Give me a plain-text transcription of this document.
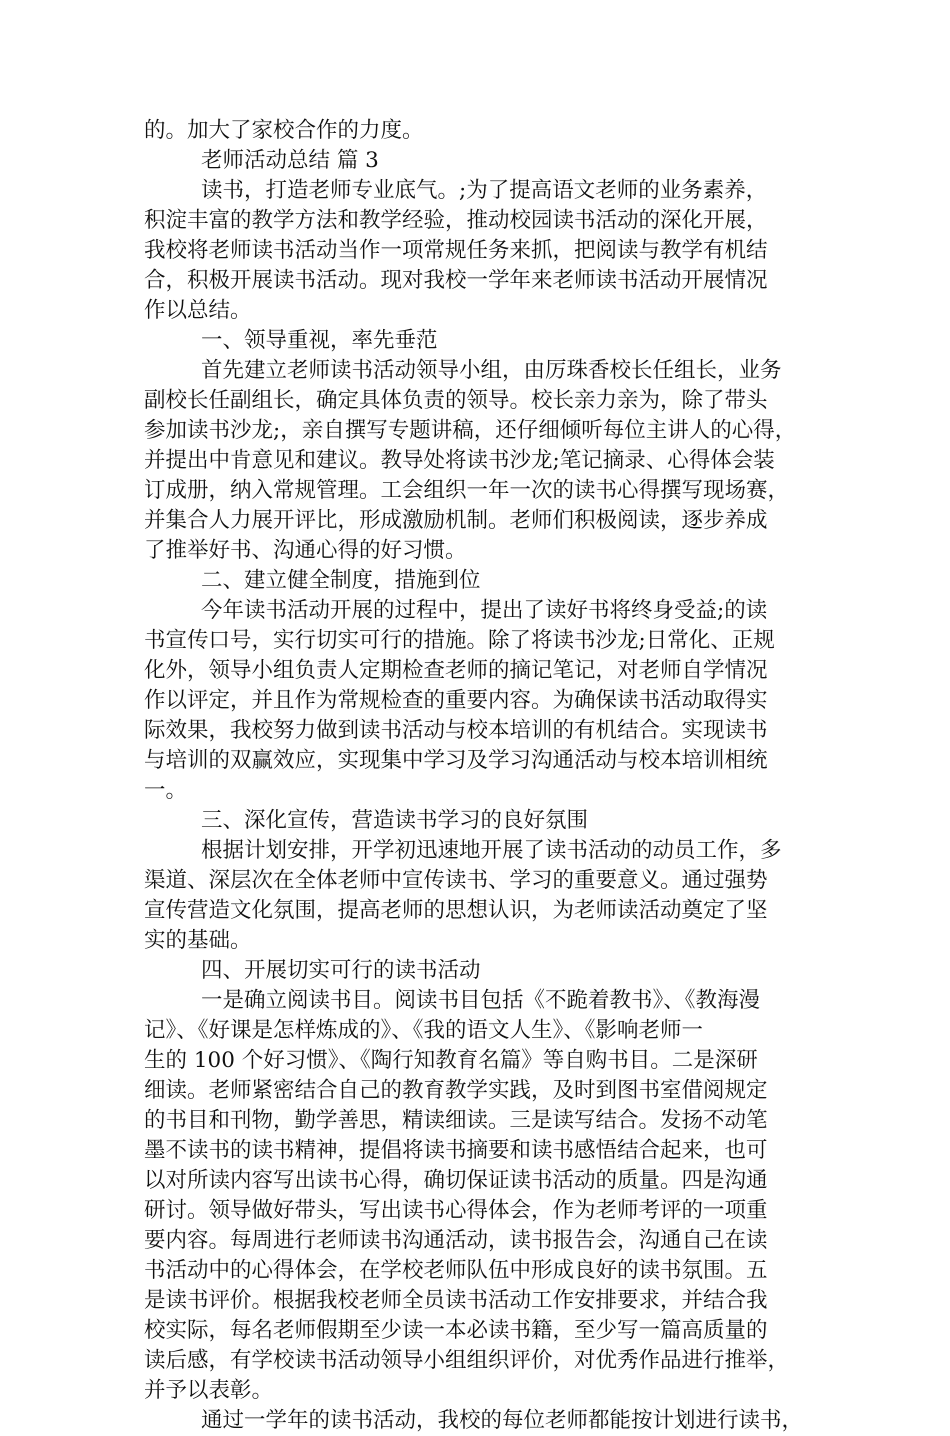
的。加大了家校合作的力度。
老师活动总结 篇 3
读书，打造老师专业底气。;为了提高语文老师的业务素养，
积淀丰富的教学方法和教学经验，推动校园读书活动的深化开展，
我校将老师读书活动当作一项常规任务来抓，把阅读与教学有机结
合，积极开展读书活动。现对我校一学年来老师读书活动开展情况
作以总结。
一、领导重视，率先垂范
首先建立老师读书活动领导小组，由厉珠香校长任组长，业务
副校长任副组长，确定具体负责的领导。校长亲力亲为，除了带头
参加读书沙龙;，亲自撰写专题讲稿，还仔细倾听每位主讲人的心得，
并提出中肯意见和建议。教导处将读书沙龙;笔记摘录、心得体会装
订成册，纳入常规管理。工会组织一年一次的读书心得撰写现场赛，
并集合人力展开评比，形成激励机制。老师们积极阅读，逐步养成
了推举好书、沟通心得的好习惯。
二、建立健全制度，措施到位
今年读书活动开展的过程中，提出了读好书将终身受益;的读
书宣传口号，实行切实可行的措施。除了将读书沙龙;日常化、正规
化外，领导小组负责人定期检查老师的摘记笔记，对老师自学情况
作以评定，并且作为常规检查的重要内容。为确保读书活动取得实
际效果，我校努力做到读书活动与校本培训的有机结合。实现读书
与培训的双赢效应，实现集中学习及学习沟通活动与校本培训相统
一。
三、深化宣传，营造读书学习的良好氛围
根据计划安排，开学初迅速地开展了读书活动的动员工作，多
渠道、深层次在全体老师中宣传读书、学习的重要意义。通过强势
宣传营造文化氛围，提高老师的思想认识，为老师读活动奠定了坚
实的基础。
四、开展切实可行的读书活动
一是确立阅读书目。阅读书目包括《不跪着教书》、《教海漫
记》、《好课是怎样炼成的》、《我的语文人生》、《影响老师一
生的 100 个好习惯》、《陶行知教育名篇》等自购书目。二是深研
细读。老师紧密结合自己的教育教学实践，及时到图书室借阅规定
的书目和刊物，勤学善思，精读细读。三是读写结合。发扬不动笔
墨不读书的读书精神，提倡将读书摘要和读书感悟结合起来，也可
以对所读内容写出读书心得，确切保证读书活动的质量。四是沟通
研讨。领导做好带头，写出读书心得体会，作为老师考评的一项重
要内容。每周进行老师读书沟通活动，读书报告会，沟通自己在读
书活动中的心得体会，在学校老师队伍中形成良好的读书氛围。五
是读书评价。根据我校老师全员读书活动工作安排要求，并结合我
校实际，每名老师假期至少读一本必读书籍，至少写一篇高质量的
读后感，有学校读书活动领导小组组织评价，对优秀作品进行推举，
并予以表彰。
通过一学年的读书活动，我校的每位老师都能按计划进行读书，
